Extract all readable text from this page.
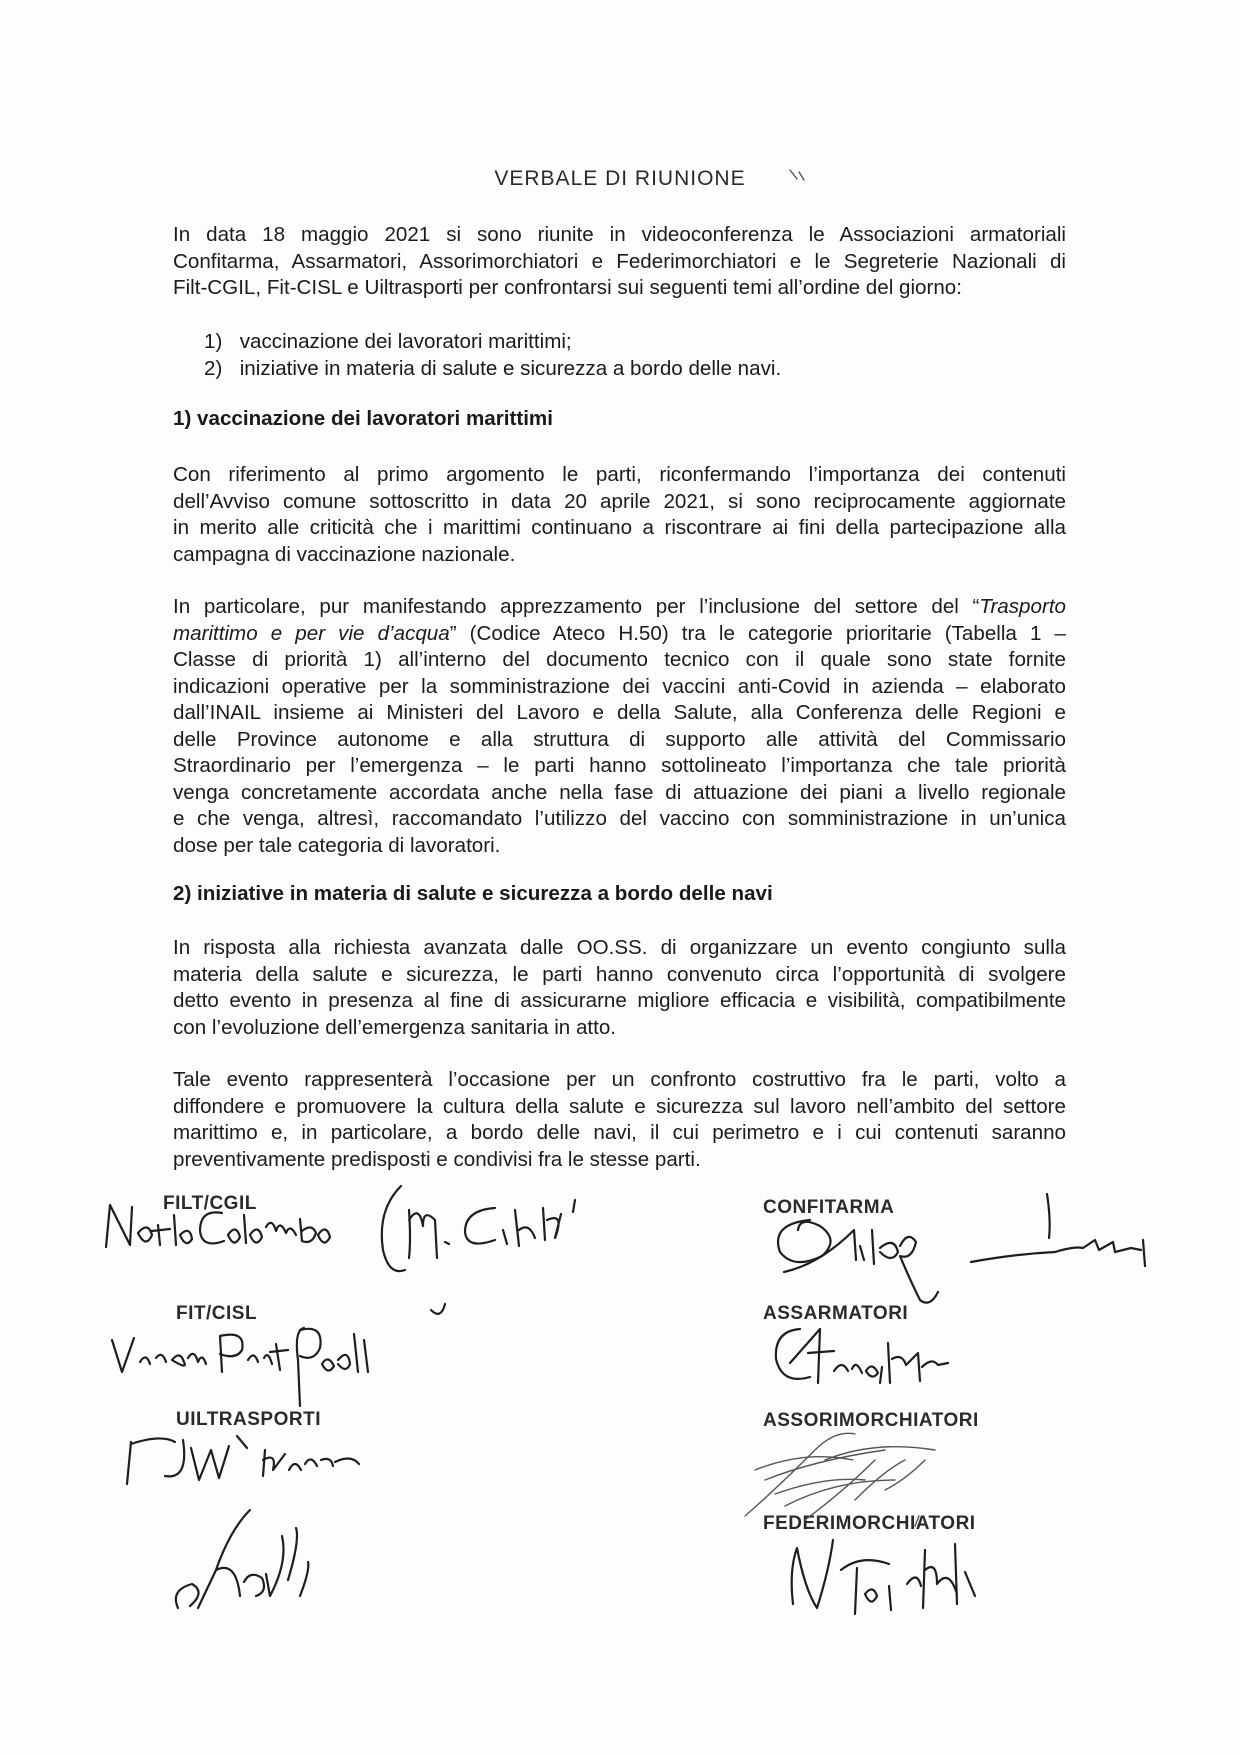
VERBALE DI RIUNIONE

In data 18 maggio 2021 si sono riunite in videoconferenza le Associazioni armatoriali
Confitarma, Assarmatori, Assorimorchiatori e Federimorchiatori e le Segreterie Nazionali di
Filt-CGIL, Fit-CISL e Uiltrasporti per confrontarsi sui seguenti temi all’ordine del giorno:

1) vaccinazione dei lavoratori marittimi;
2) iniziative in materia di salute e sicurezza a bordo delle navi.

1) vaccinazione dei lavoratori marittimi

Con riferimento al primo argomento le parti, riconfermando l’importanza dei contenuti
dell’Avviso comune sottoscritto in data 20 aprile 2021, si sono reciprocamente aggiornate
in merito alle criticità che i marittimi continuano a riscontrare ai fini della partecipazione alla
campagna di vaccinazione nazionale.

In particolare, pur manifestando apprezzamento per l’inclusione del settore del “Trasporto
marittimo e per vie d’acqua” (Codice Ateco H.50) tra le categorie prioritarie (Tabella 1 –
Classe di priorità 1) all’interno del documento tecnico con il quale sono state fornite
indicazioni operative per la somministrazione dei vaccini anti-Covid in azienda – elaborato
dall’INAIL insieme ai Ministeri del Lavoro e della Salute, alla Conferenza delle Regioni e
delle Province autonome e alla struttura di supporto alle attività del Commissario
Straordinario per l’emergenza – le parti hanno sottolineato l’importanza che tale priorità
venga concretamente accordata anche nella fase di attuazione dei piani a livello regionale
e che venga, altresì, raccomandato l’utilizzo del vaccino con somministrazione in un’unica
dose per tale categoria di lavoratori.

2) iniziative in materia di salute e sicurezza a bordo delle navi

In risposta alla richiesta avanzata dalle OO.SS. di organizzare un evento congiunto sulla
materia della salute e sicurezza, le parti hanno convenuto circa l’opportunità di svolgere
detto evento in presenza al fine di assicurarne migliore efficacia e visibilità, compatibilmente
con l’evoluzione dell’emergenza sanitaria in atto.

Tale evento rappresenterà l’occasione per un confronto costruttivo fra le parti, volto a
diffondere e promuovere la cultura della salute e sicurezza sul lavoro nell’ambito del settore
marittimo e, in particolare, a bordo delle navi, il cui perimetro e i cui contenuti saranno
preventivamente predisposti e condivisi fra le stesse parti.

FILT/CGIL

FIT/CISL

UILTRASPORTI

CONFITARMA

ASSARMATORI

ASSORIMORCHIATORI

FEDERIMORCHIATORI
